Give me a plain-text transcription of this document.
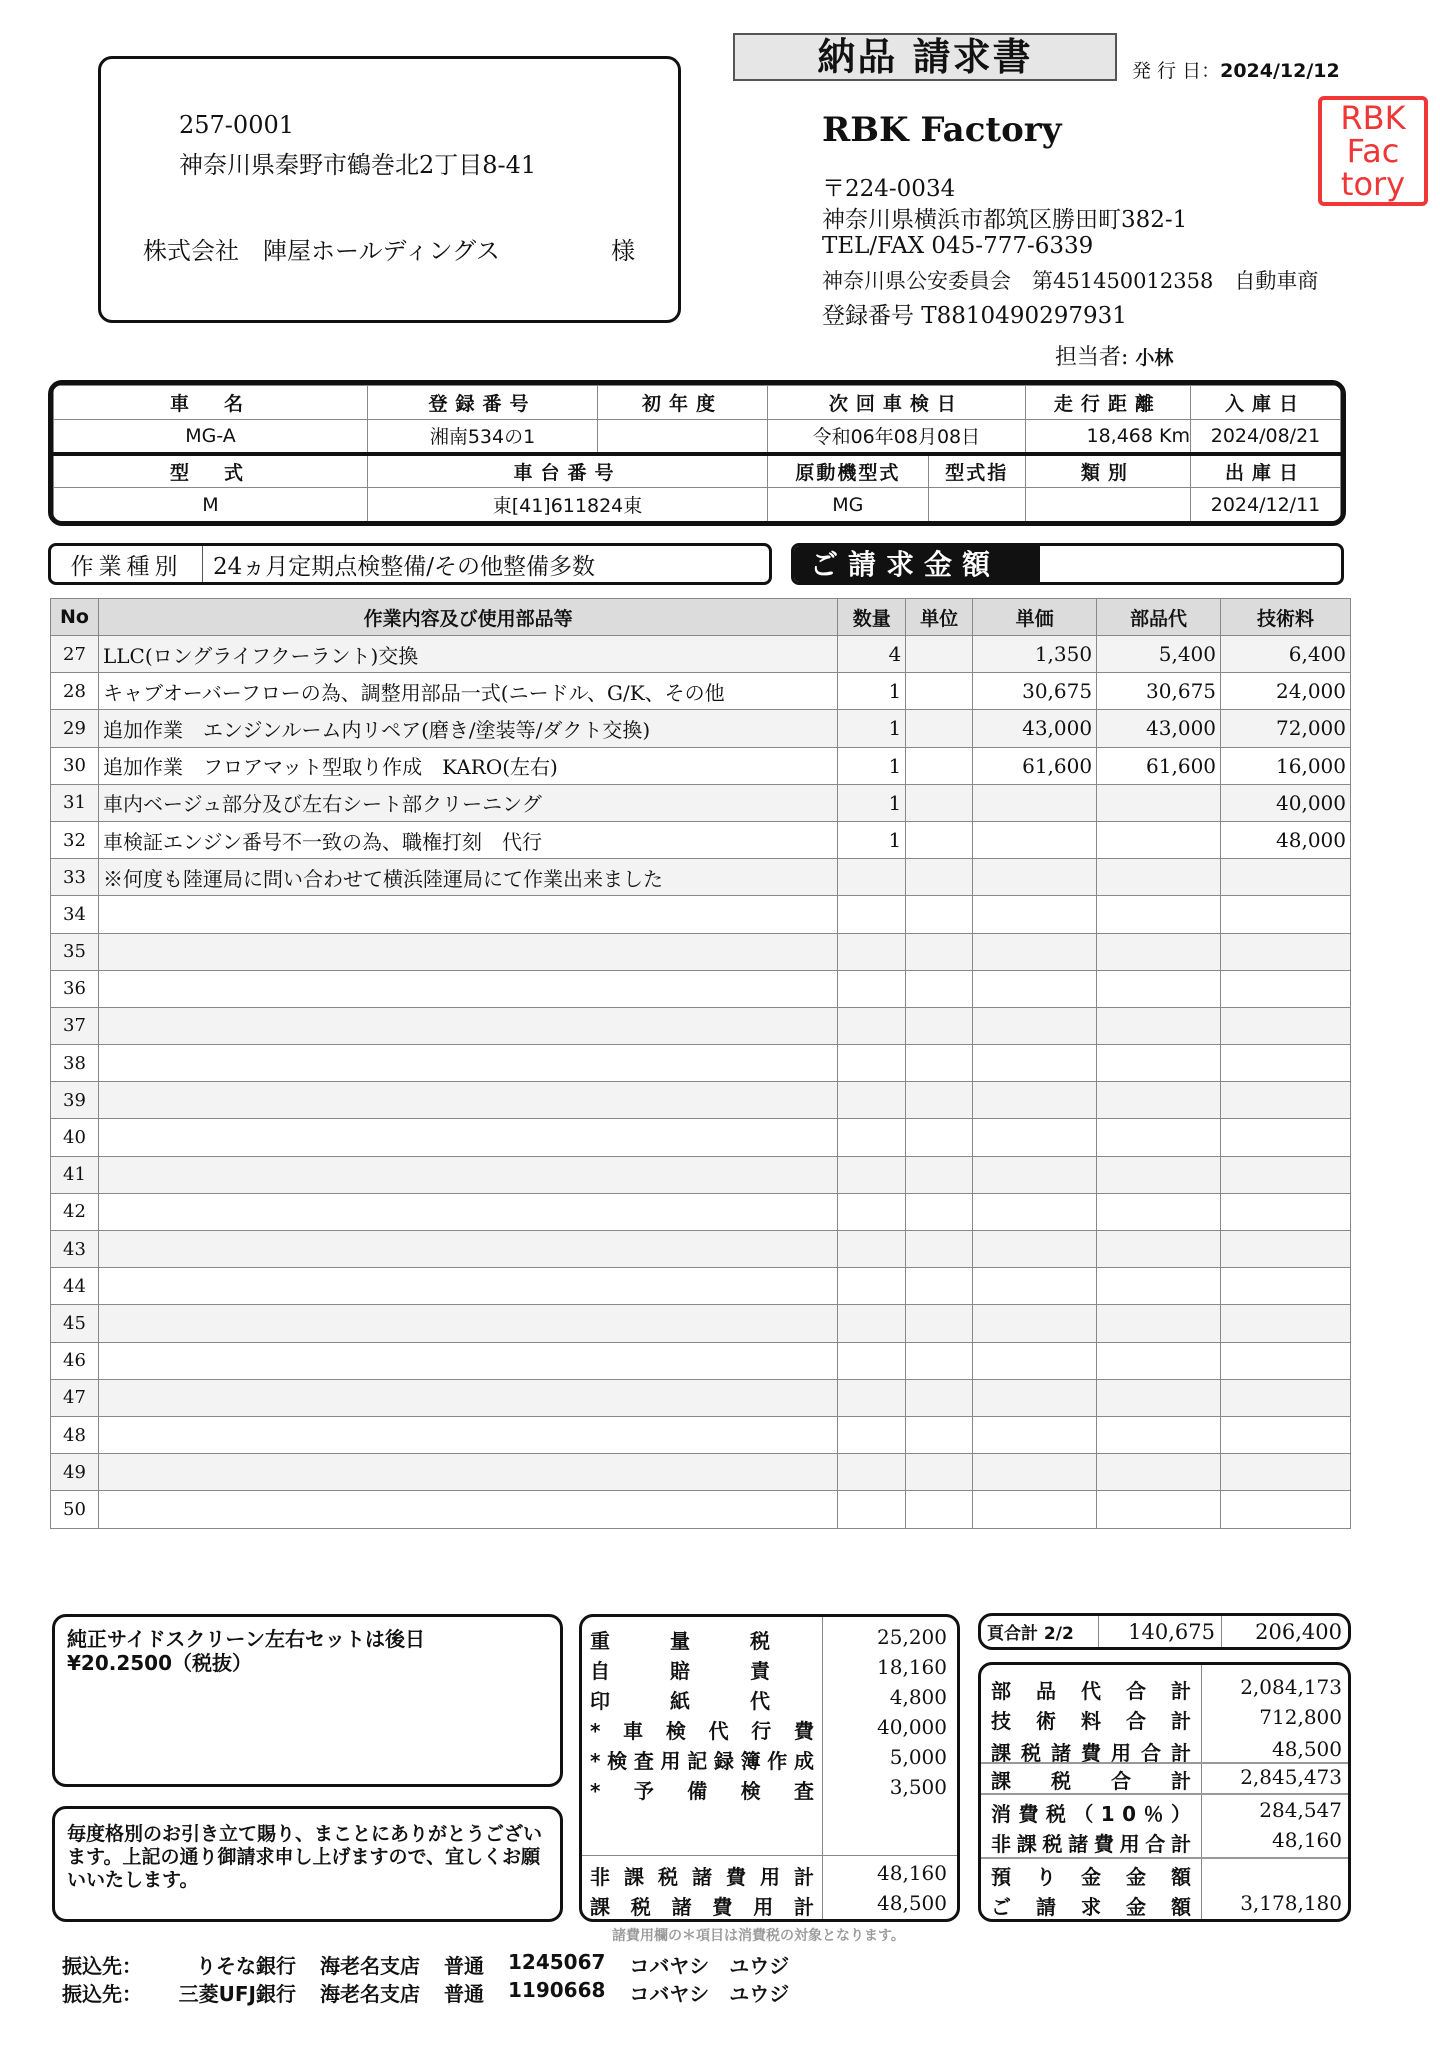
257-0001
神奈川県秦野市鶴巻北2丁目8-41
株式会社　陣屋ホールディングス	様
納品 請求書	発 行 日：2024/12/12
RBK Factory
〒224-0034
神奈川県横浜市都筑区勝田町382-1
TEL/FAX 045-777-6339
神奈川県公安委員会　第451450012358　自動車商
登録番号 T8810490297931
RBK
Fac
tory
担当者: 小林
車　名	登録番号	初年度	次回車検日		走行距離	入庫日
MG-A	湘南534の1		令和06年08月08日		18,468 Km	2024/08/21
型　式	車台番号		原動機型式	型式指	類別	出庫日
M	東[41]611824東		MG			2024/12/11
作業種別	24ヵ月定期点検整備/その他整備多数	ご請求金額
No	作業内容及び使用部品等	数量	単位	単価	部品代	技術料
27	LLC(ロングライフクーラント)交換	4		1,350	5,400	6,400
28	キャブオーバーフローの為、調整用部品一式(ニードル、G/K、その他	1		30,675	30,675	24,000
29	追加作業　エンジンルーム内リペア(磨き/塗装等/ダクト交換)	1		43,000	43,000	72,000
30	追加作業　フロアマット型取り作成　KARO(左右)	1		61,600	61,600	16,000
31	車内ベージュ部分及び左右シート部クリーニング	1				40,000
32	車検証エンジン番号不一致の為、職権打刻　代行	1				48,000
33	※何度も陸運局に問い合わせて横浜陸運局にて作業出来ました					
34						
35						
36						
37						
38						
39						
40						
41						
42						
43						
44						
45						
46						
47						
48						
49						
50						
純正サイドスクリーン左右セットは後日
¥20.2500（税抜）
毎度格別のお引き立て賜り、まことにありがとうございます。上記の通り御請求申し上げますので、宜しくお願いいたします。
重量税 25,200
自賠責 18,160
印紙代	4,800
*車検代行費 40,000
*検査用記録簿作成	5,000
*予備検査 3,500
非課税諸費用計 48,160
課税諸費用計 48,500
諸費用欄の＊項目は消費税の対象となります。
頁合計 2/2	140,675	206,400
部品代合計 2,084,173
技術料合計 712,800
課税諸費用合計	48,500
課税合計 2,845,473
消費税（10％）	284,547
非課税諸費用合計	48,160
預り金金額
ご請求金額 3,178,180
振込先：	りそな銀行 海老名支店 普通 1245067 コバヤシ　ユウジ
振込先：	三菱UFJ銀行 海老名支店 普通 1190668 コバヤシ　ユウジ
